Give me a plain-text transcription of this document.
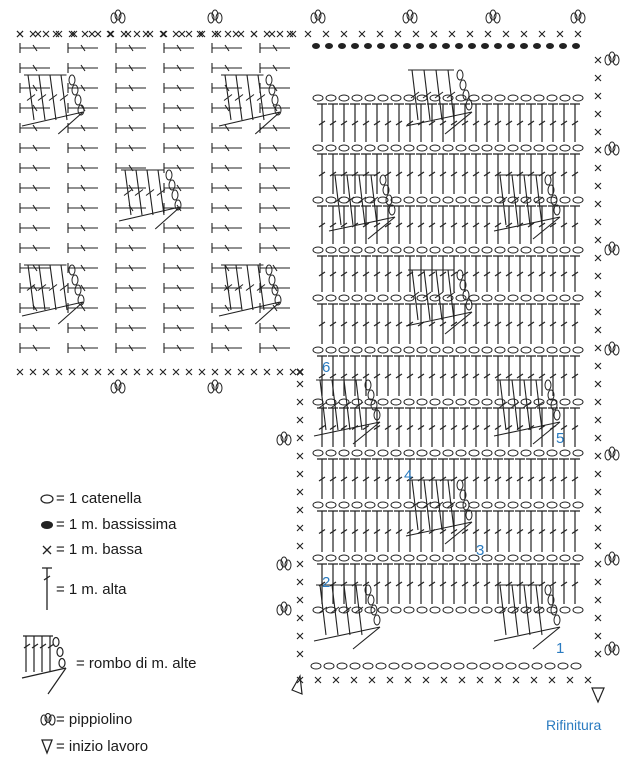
1
2
3
4
5
6
Rifinitura
= 1 catenella
= 1 m. bassissima
= 1 m. bassa
= 1 m. alta
= rombo di m. alte
= pippiolino
= inizio lavoro
